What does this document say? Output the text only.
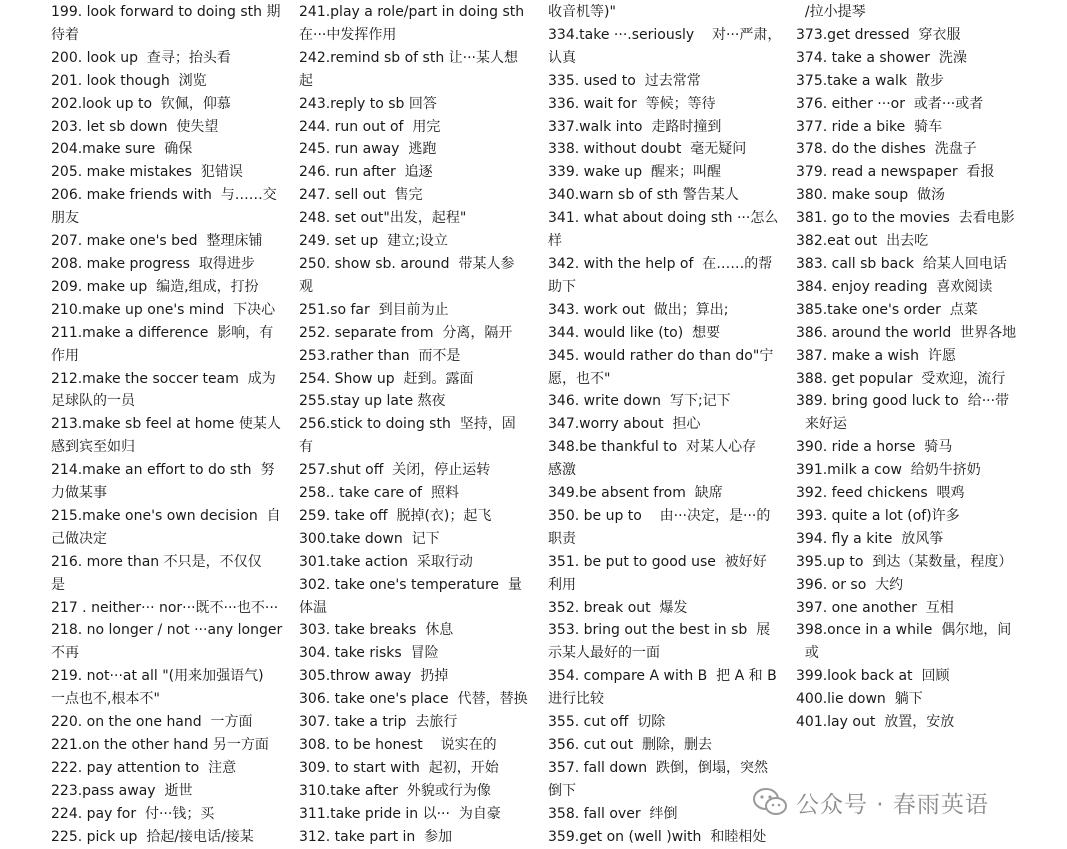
199. look forward to doing sth 期
待着
200. look up  查寻；抬头看
201. look though  浏览
202.look up to  钦佩，仰慕
203. let sb down  使失望
204.make sure  确保
205. make mistakes  犯错误
206. make friends with  与……交
朋友
207. make one's bed  整理床铺
208. make progress  取得进步
209. make up  编造,组成，打扮
210.make up one's mind  下决心
211.make a difference  影响，有
作用
212.make the soccer team  成为
足球队的一员
213.make sb feel at home 使某人
感到宾至如归
214.make an effort to do sth  努
力做某事
215.make one's own decision  自
己做决定
216. more than 不只是，不仅仅
是
217 . neither··· nor···既不···也不···
218. no longer / not ···any longer
不再
219. not···at all "(用来加强语气)
一点也不,根本不"
220. on the one hand  一方面
221.on the other hand 另一方面
222. pay attention to  注意
223.pass away  逝世
224. pay for  付···钱；买
225. pick up  拾起/接电话/接某
241.play a role/part in doing sth
在···中发挥作用
242.remind sb of sth 让···某人想
起
243.reply to sb 回答
244. run out of  用完
245. run away  逃跑
246. run after  追逐
247. sell out  售完
248. set out"出发，起程"
249. set up  建立;设立
250. show sb. around  带某人参
观
251.so far  到目前为止
252. separate from  分离，隔开
253.rather than  而不是
254. Show up  赶到。露面
255.stay up late 熬夜
256.stick to doing sth  坚持，固
有
257.shut off  关闭，停止运转
258.. take care of  照料
259. take off  脱掉(衣)；起飞
300.take down  记下
301.take action  采取行动
302. take one's temperature  量
体温
303. take breaks  休息
304. take risks  冒险
305.throw away  扔掉
306. take one's place  代替，替换
307. take a trip  去旅行
308. to be honest    说实在的
309. to start with  起初，开始
310.take after  外貌或行为像
311.take pride in 以···  为自豪
312. take part in  参加
收音机等)"
334.take ···.seriously    对···严肃，
认真
335. used to  过去常常
336. wait for  等候；等待
337.walk into  走路时撞到
338. without doubt  毫无疑问
339. wake up  醒来；叫醒
340.warn sb of sth 警告某人
341. what about doing sth ···怎么
样
342. with the help of  在……的帮
助下
343. work out  做出；算出;
344. would like (to)  想要
345. would rather do than do"宁
愿，也不"
346. write down  写下;记下
347.worry about  担心
348.be thankful to  对某人心存
感激
349.be absent from  缺席
350. be up to    由···决定，是···的
职责
351. be put to good use  被好好
利用
352. break out  爆发
353. bring out the best in sb  展
示某人最好的一面
354. compare A with B  把 A 和 B
进行比较
355. cut off  切除
356. cut out  删除，删去
357. fall down  跌倒，倒塌，突然
倒下
358. fall over  绊倒
359.get on (well )with  和睦相处
/拉小提琴
373.get dressed  穿衣服
374. take a shower  洗澡
375.take a walk  散步
376. either ···or  或者···或者
377. ride a bike  骑车
378. do the dishes  洗盘子
379. read a newspaper  看报
380. make soup  做汤
381. go to the movies  去看电影
382.eat out  出去吃
383. call sb back  给某人回电话
384. enjoy reading  喜欢阅读
385.take one's order  点菜
386. around the world  世界各地
387. make a wish  许愿
388. get popular  受欢迎，流行
389. bring good luck to  给···带
来好运
390. ride a horse  骑马
391.milk a cow  给奶牛挤奶
392. feed chickens  喂鸡
393. quite a lot (of)许多
394. fly a kite  放风筝
395.up to  到达（某数量，程度）
396. or so  大约
397. one another  互相
398.once in a while  偶尔地，间
或
399.look back at  回顾
400.lie down  躺下
401.lay out  放置，安放
公众号 · 春雨英语
